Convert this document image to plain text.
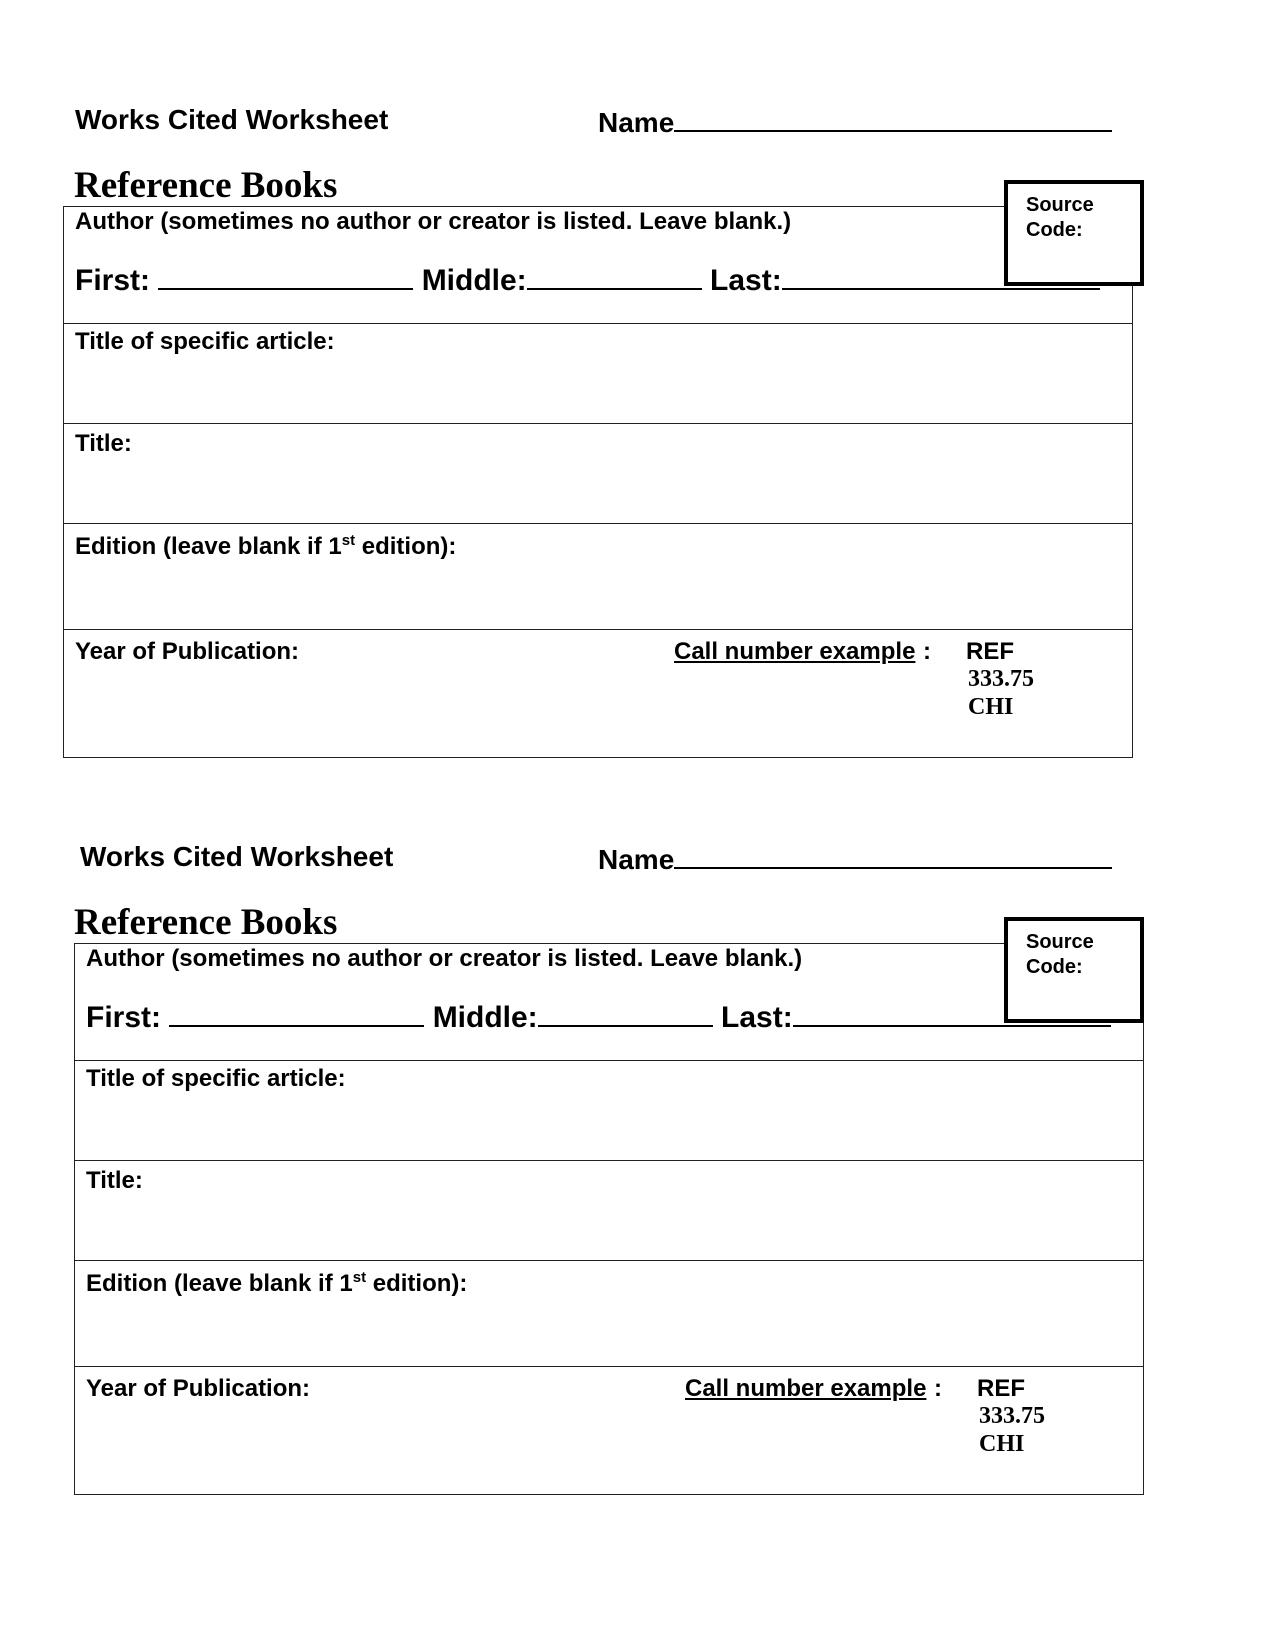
Works Cited Worksheet	Name
Reference Books
Author (sometimes no author or creator is listed. Leave blank.)
First:	Middle:	Last:
Source
Code:
Title of specific article:
Title:
Edition (leave blank if 1st edition):
Year of Publication:	Call number example : REF
333.75
CHI
Works Cited Worksheet	Name
Reference Books
Author (sometimes no author or creator is listed. Leave blank.)
First:	Middle:	Last:
Source
Code:
Title of specific article:
Title:
Edition (leave blank if 1st edition):
Year of Publication:	Call number example : REF
333.75
CHI
